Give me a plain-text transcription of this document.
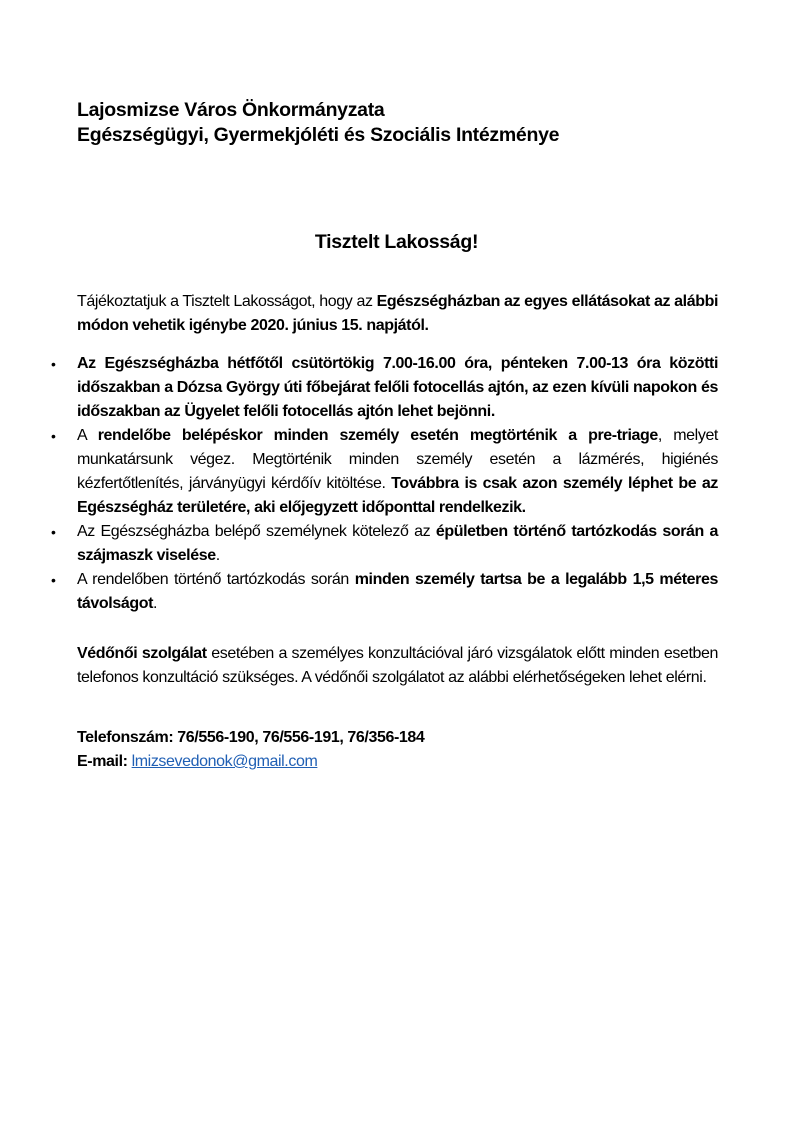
Lajosmizse Város Önkormányzata
Egészségügyi, Gyermekjóléti és Szociális Intézménye
Tisztelt Lakosság!

Tájékoztatjuk a Tisztelt Lakosságot, hogy az Egészségházban az egyes ellátásokat az alábbi módon vehetik igénybe 2020. június 15. napjától.

• Az Egészségházba hétfőtől csütörtökig 7.00-16.00 óra, pénteken 7.00-13 óra közötti időszakban a Dózsa György úti főbejárat felőli fotocellás ajtón, az ezen kívüli napokon és időszakban az Ügyelet felőli fotocellás ajtón lehet bejönni.
• A rendelőbe belépéskor minden személy esetén megtörténik a pre-triage, melyet munkatársunk végez. Megtörténik minden személy esetén a lázmérés, higiénés kézfertőtlenítés, járványügyi kérdőív kitöltése. Továbbra is csak azon személy léphet be az Egészségház területére, aki előjegyzett időponttal rendelkezik.
• Az Egészségházba belépő személynek kötelező az épületben történő tartózkodás során a szájmaszk viselése.
• A rendelőben történő tartózkodás során minden személy tartsa be a legalább 1,5 méteres távolságot.

Védőnői szolgálat esetében a személyes konzultációval járó vizsgálatok előtt minden esetben telefonos konzultáció szükséges. A védőnői szolgálatot az alábbi elérhetőségeken lehet elérni.

Telefonszám: 76/556-190, 76/556-191, 76/356-184
E-mail: lmizsevedonok@gmail.com
